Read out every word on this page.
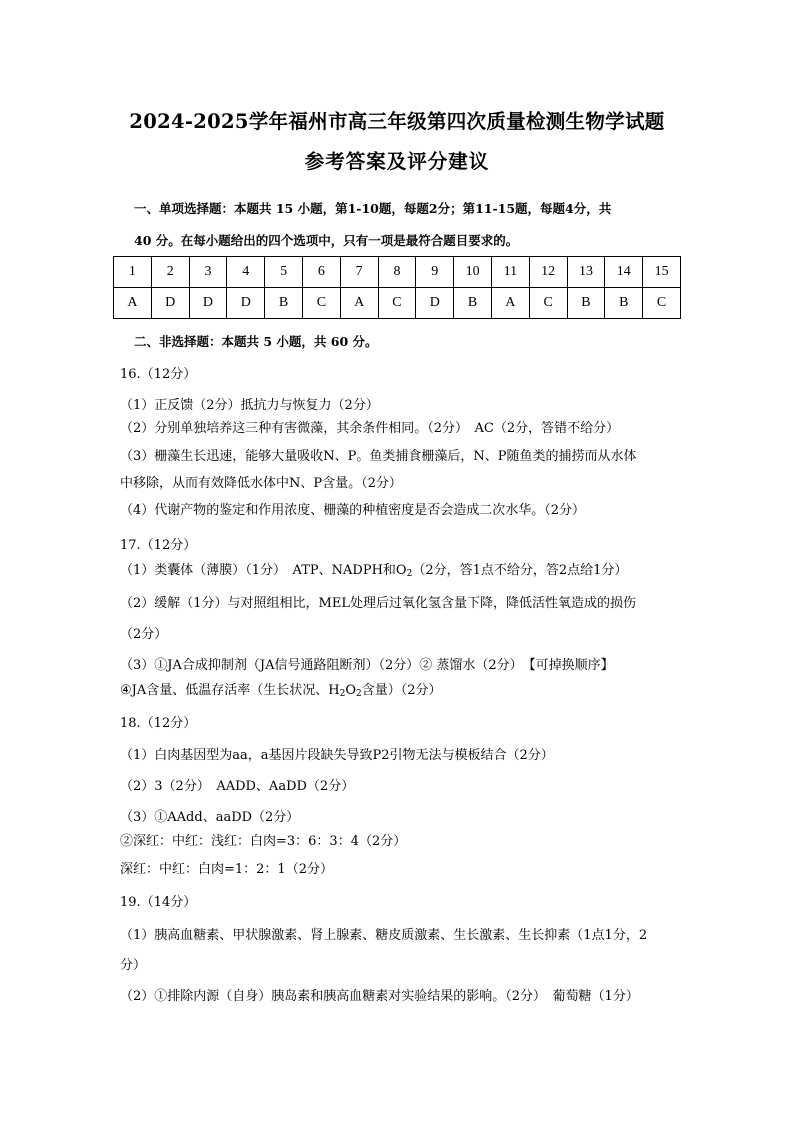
2024-2025学年福州市高三年级第四次质量检测生物学试题
参考答案及评分建议
一、单项选择题：本题共 15 小题，第1-10题，每题2分；第11-15题，每题4分，共
40 分。在每小题给出的四个选项中，只有一项是最符合题目要求的。
1	2	3	4	5	6	7	8	9	10	11	12	13	14	15
A	D	D	D	B	C	A	C	D	B	A	C	B	B	C
二、非选择题：本题共 5 小题，共 60 分。
16.（12分）
（1）正反馈（2分）抵抗力与恢复力（2分）
（2）分别单独培养这三种有害微藻，其余条件相同。（2分）　AC（2分，答错不给分）
（3）栅藻生长迅速，能够大量吸收N、P。鱼类捕食栅藻后，N、P随鱼类的捕捞而从水体
中移除，从而有效降低水体中N、P含量。（2分）
（4）代谢产物的鉴定和作用浓度、栅藻的种植密度是否会造成二次水华。（2分）
17.（12分）
（1）类囊体（薄膜）（1分）　ATP、NADPH和$O_2(2$分，答1点不给分，答2点给1分）
（2）缓解（1分）与对照组相比，MEL处理后过氧化氢含量下降，降低活性氧造成的损伤
（2分）
（3）①JA合成抑制剂（JA信号通路阻断剂）（2分）② 蒸馏水（2分）　【可掉换顺序】
④JA含量、低温存活率（生长状况、$H_2O_2$含量）（2分）
18.（12分）
（1）白肉基因型为aa，a基因片段缺失导致P2引物无法与模板结合（2分）
（2）3（2分）　AADD、AaDD（2分）
（3）①AAdd、aaDD（2分）
②深红：中红：浅红：白肉=3：6：3：4（2分）
深红：中红：白肉=1：2：1（2分）
19.（14分）
（1）胰高血糖素、甲状腺激素、肾上腺素、糖皮质激素、生长激素、生长抑素（1点1分，2
分）
（2）①排除内源（自身）胰岛素和胰高血糖素对实验结果的影响。（2分）　葡萄糖（1分）
